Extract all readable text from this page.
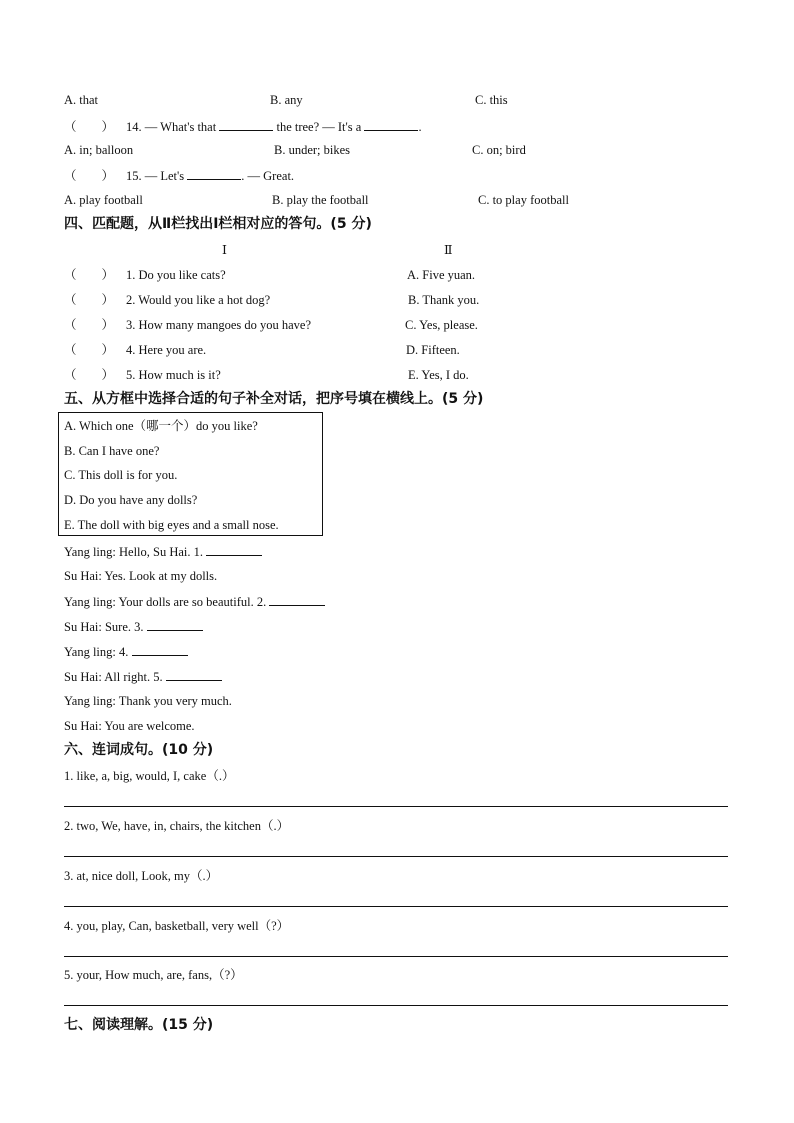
A. that	B. any	C. this
（　　） 14. ― What's that	the tree? ― It's a	.
A. in; balloon	B. under; bikes	C. on; bird
（　　） 15. ― Let's	. ― Great.
A. play football	B. play the football	C. to play football
四、匹配题，从Ⅱ栏找出Ⅰ栏相对应的答句。(5 分)
Ⅰ	Ⅱ
（　　） 1. Do you like cats?	A. Five yuan.
（　　） 2. Would you like a hot dog?	B. Thank you.
（　　） 3. How many mangoes do you have?	C. Yes, please.
（　　） 4. Here you are.	D. Fifteen.
（　　） 5. How much is it?	E. Yes, I do.
五、从方框中选择合适的句子补全对话，把序号填在横线上。(5 分)
A. Which one（哪一个）do you like?
B. Can I have one?
C. This doll is for you.
D. Do you have any dolls?
E. The doll with big eyes and a small nose.
Yang ling: Hello, Su Hai. 1.
Su Hai: Yes. Look at my dolls.
Yang ling: Your dolls are so beautiful. 2.
Su Hai: Sure. 3.
Yang ling: 4.
Su Hai: All right. 5.
Yang ling: Thank you very much.
Su Hai: You are welcome.
六、连词成句。(10 分)
1. like, a, big, would, I, cake（.）
2. two, We, have, in, chairs, the kitchen（.）
3. at, nice doll, Look, my（.）
4. you, play, Can, basketball, very well（?）
5. your, How much, are, fans,（?）
七、阅读理解。(15 分)
